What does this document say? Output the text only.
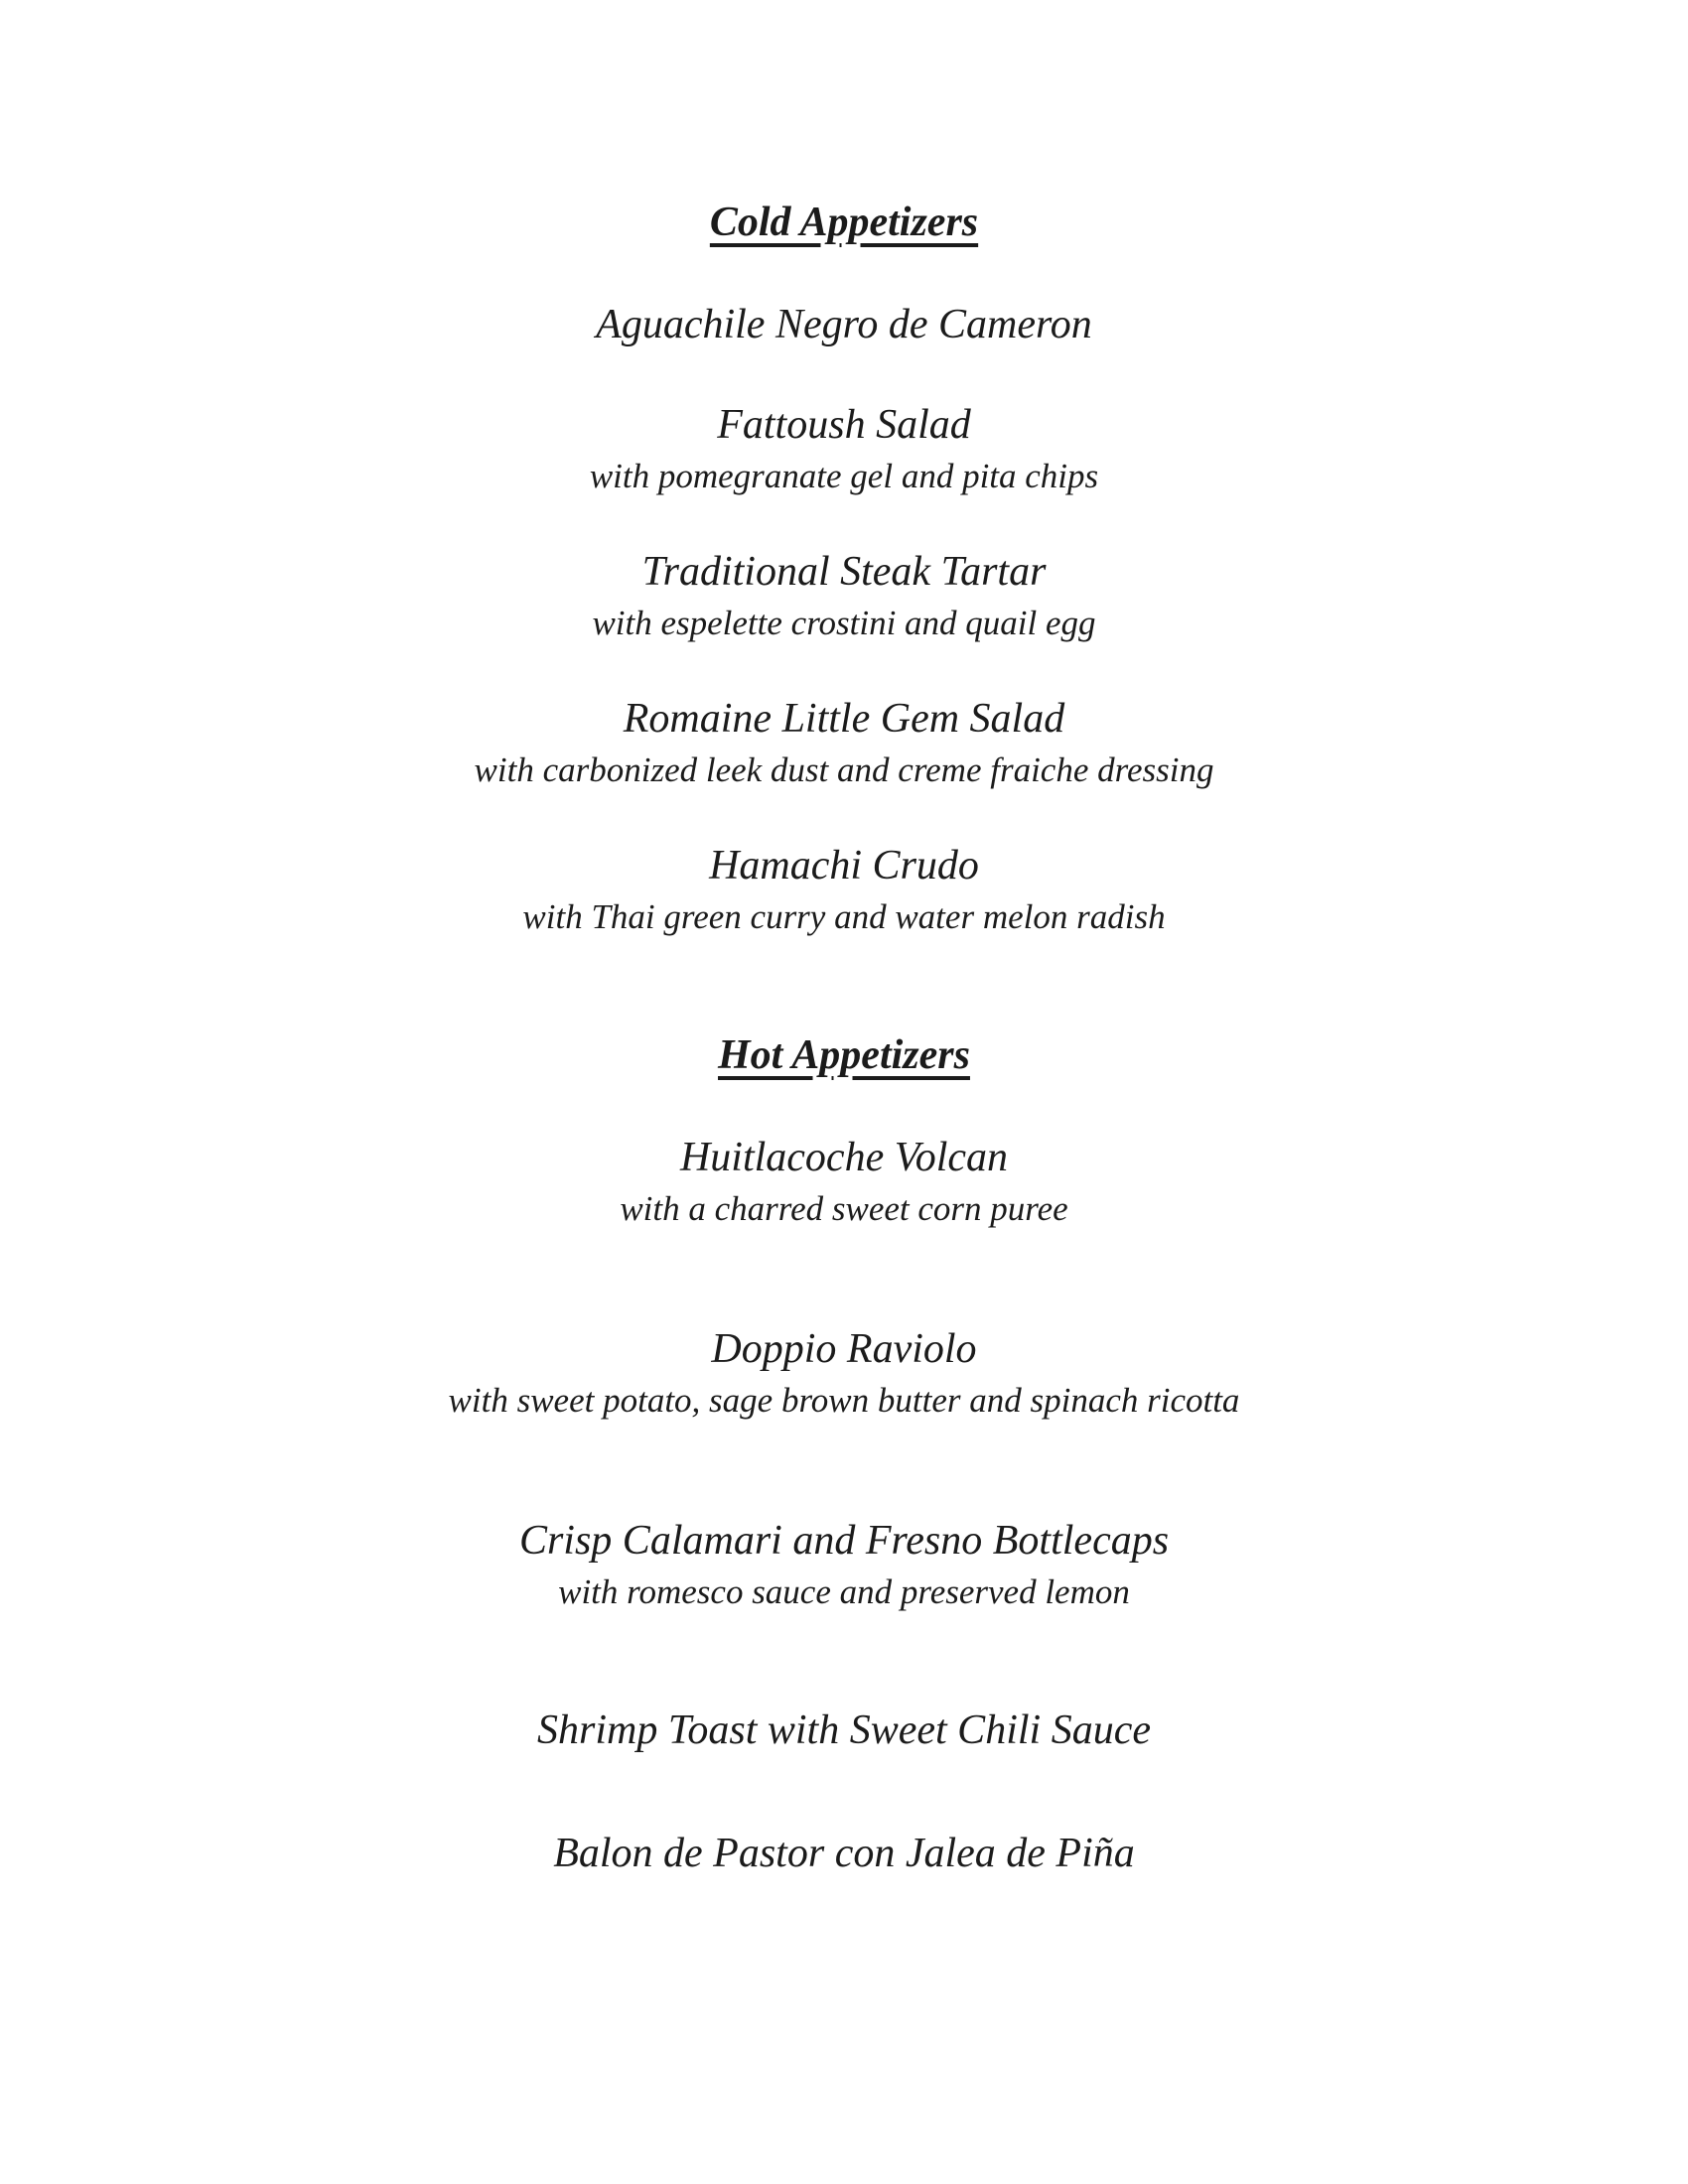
Cold Appetizers
Aguachile Negro de Cameron
Fattoush Salad
with pomegranate gel and pita chips
Traditional Steak Tartar
with espelette crostini and quail egg
Romaine Little Gem Salad
with carbonized leek dust and creme fraiche dressing
Hamachi Crudo
with Thai green curry and water melon radish
Hot Appetizers
Huitlacoche Volcan
with a charred sweet corn puree
Doppio Raviolo
with sweet potato, sage brown butter and spinach ricotta
Crisp Calamari and Fresno Bottlecaps
with romesco sauce and preserved lemon
Shrimp Toast with Sweet Chili Sauce
Balon de Pastor con Jalea de Piña
